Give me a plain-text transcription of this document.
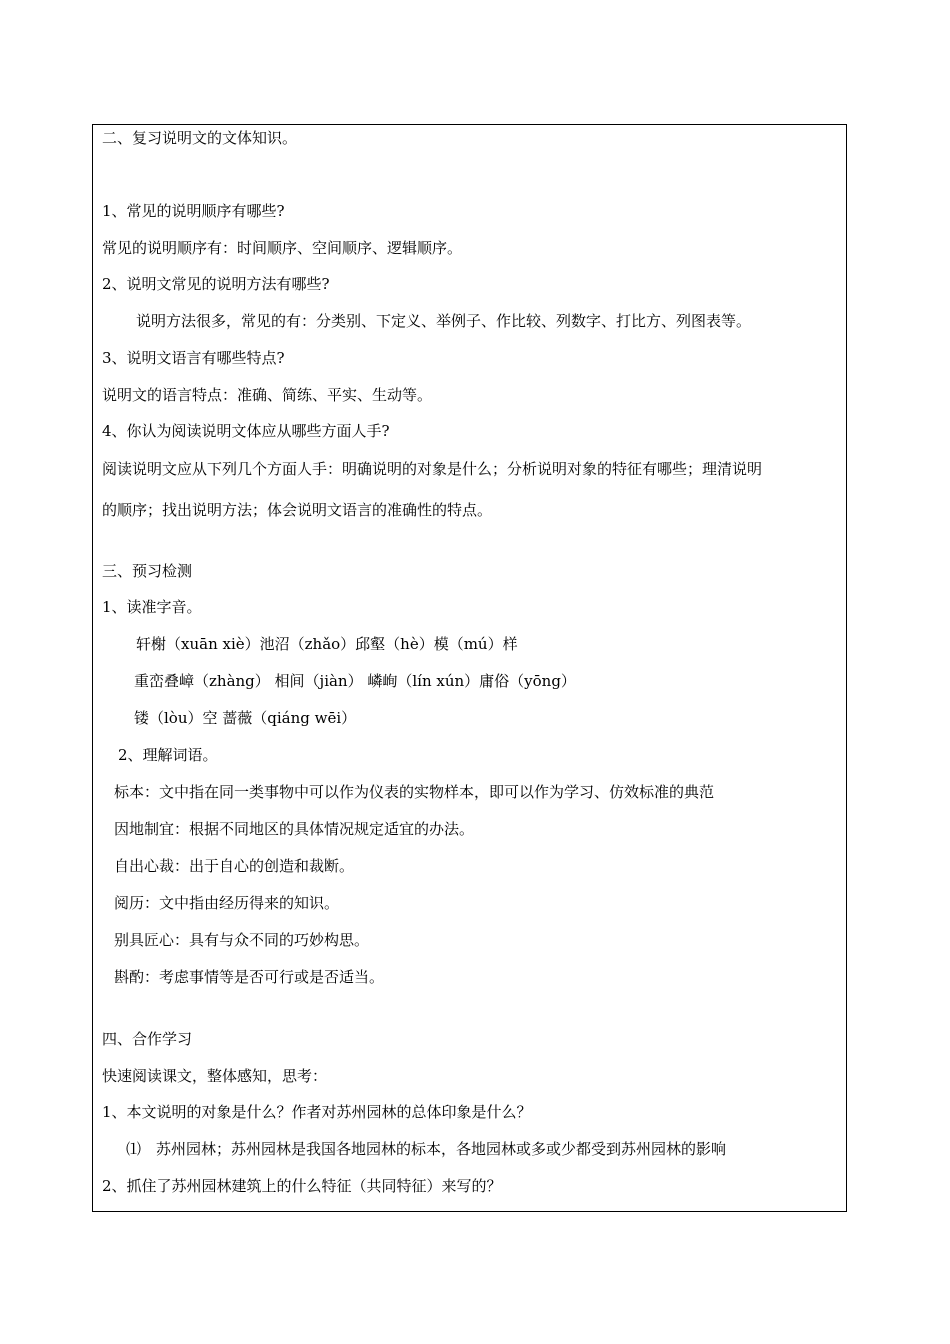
二、复习说明文的文体知识。
1、常见的说明顺序有哪些?
常见的说明顺序有：时间顺序、空间顺序、逻辑顺序。
2、说明文常见的说明方法有哪些?
说明方法很多，常见的有：分类别、下定义、举例子、作比较、列数字、打比方、列图表等。
3、说明文语言有哪些特点?
说明文的语言特点：准确、简练、平实、生动等。
4、你认为阅读说明文体应从哪些方面人手?
阅读说明文应从下列几个方面人手：明确说明的对象是什么；分析说明对象的特征有哪些；理清说明
的顺序；找出说明方法；体会说明文语言的准确性的特点。
三、预习检测
1、读准字音。
轩榭（xuān xiè）池沼（zhǎo）邱壑（hè）模（mú）样
重峦叠嶂（zhàng） 相间（jiàn） 嶙峋（lín xún）庸俗（yōng）
镂（lòu）空 蔷薇（qiáng wēi）
2、理解词语。
标本：文中指在同一类事物中可以作为仪表的实物样本，即可以作为学习、仿效标准的典范
因地制宜：根据不同地区的具体情况规定适宜的办法。
自出心裁：出于自心的创造和裁断。
阅历：文中指由经历得来的知识。
别具匠心：具有与众不同的巧妙构思。
斟酌：考虑事情等是否可行或是否适当。
四、合作学习
快速阅读课文，整体感知，思考：
1、本文说明的对象是什么？作者对苏州园林的总体印象是什么？
⑴　苏州园林；苏州园林是我国各地园林的标本，各地园林或多或少都受到苏州园林的影响
2、抓住了苏州园林建筑上的什么特征（共同特征）来写的？
